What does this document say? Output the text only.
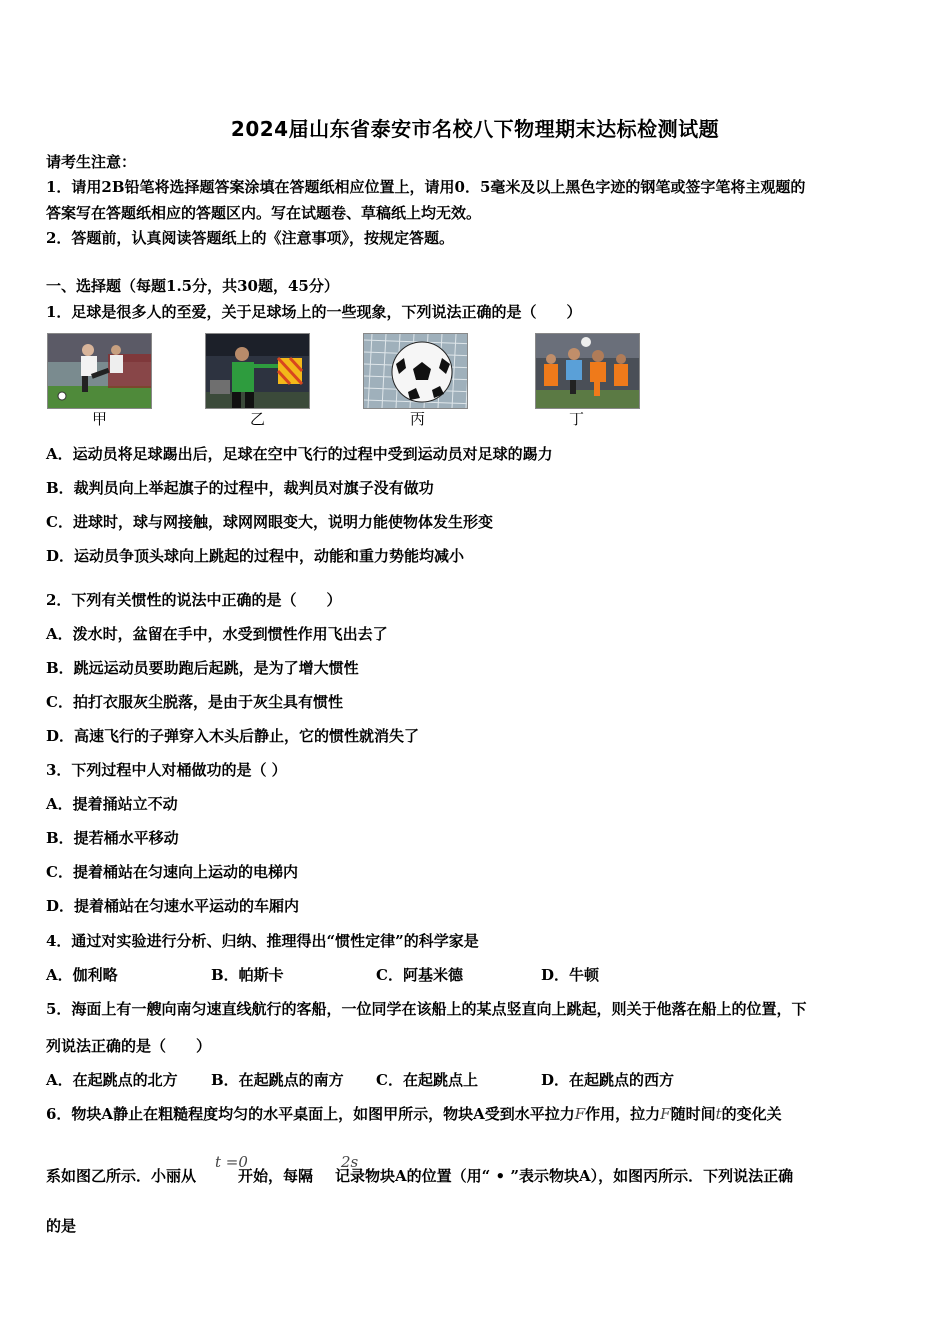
2024届山东省泰安市名校八下物理期末达标检测试题
请考生注意：
1．请用2B铅笔将选择题答案涂填在答题纸相应位置上，请用0．5毫米及以上黑色字迹的钢笔或签字笔将主观题的
答案写在答题纸相应的答题区内。写在试题卷、草稿纸上均无效。
2．答题前，认真阅读答题纸上的《注意事项》，按规定答题。
一、选择题（每题1.5分，共30题，45分）
1．足球是很多人的至爱，关于足球场上的一些现象，下列说法正确的是（　　）
甲	乙	丙	丁
A．运动员将足球踢出后，足球在空中飞行的过程中受到运动员对足球的踢力
B．裁判员向上举起旗子的过程中，裁判员对旗子没有做功
C．进球时，球与网接触，球网网眼变大，说明力能使物体发生形变
D．运动员争顶头球向上跳起的过程中，动能和重力势能均减小
2．下列有关惯性的说法中正确的是（　　）
A．泼水时，盆留在手中，水受到惯性作用飞出去了
B．跳远运动员要助跑后起跳，是为了增大惯性
C．拍打衣服灰尘脱落，是由于灰尘具有惯性
D．高速飞行的子弹穿入木头后静止，它的惯性就消失了
3．下列过程中人对桶做功的是（ ）
A．提着捅站立不动
B．提若桶水平移动
C．提着桶站在匀速向上运动的电梯内
D．提着桶站在匀速水平运动的车厢内
4．通过对实验进行分析、归纳、推理得出“惯性定律”的科学家是
A．伽利略	B．帕斯卡	C．阿基米德	D．牛顿
5．海面上有一艘向南匀速直线航行的客船，一位同学在该船上的某点竖直向上跳起，则关于他落在船上的位置，下
列说法正确的是（　　）
A．在起跳点的北方 B．在起跳点的南方 C．在起跳点上	D．在起跳点的西方
6．物块A静止在粗糙程度均匀的水平桌面上，如图甲所示，物块A受到水平拉力F作用，拉力F随时间t的变化关
系如图乙所示．小丽从	开始，每隔 记录物块A的位置（用“ • ”表示物块A），如图丙所示．下列说法正确
t =0	2s
的是
